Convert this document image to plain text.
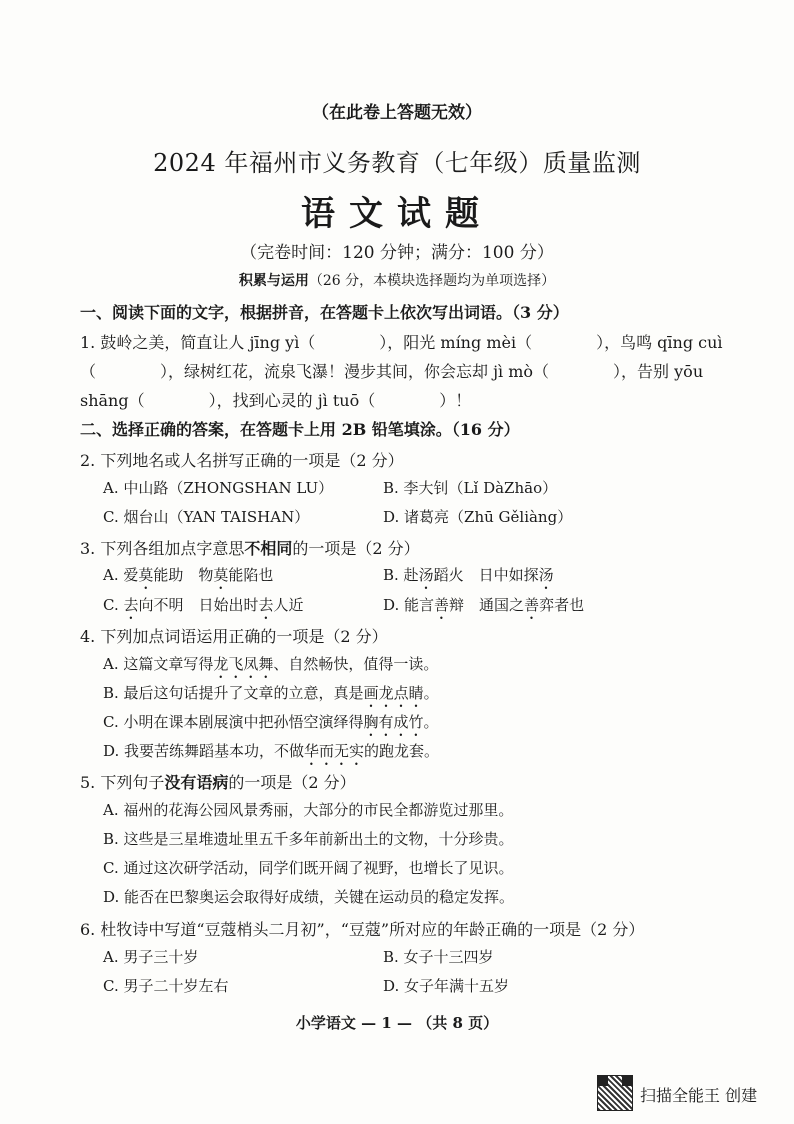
（在此卷上答题无效）
2024 年福州市义务教育（七年级）质量监测
语文试题
（完卷时间：120 分钟；满分：100 分）
积累与运用（26 分，本模块选择题均为单项选择）
一、阅读下面的文字，根据拼音，在答题卡上依次写出词语。（3 分）
1. 鼓岭之美，简直让人 jīng yì（　　　　），阳光 míng mèi（　　　　），鸟鸣 qīng cuì
（　　　　），绿树红花，流泉飞瀑！漫步其间，你会忘却 jì mò（　　　　），告别 yōu
shāng（　　　　），找到心灵的 jì tuō（　　　　）！
二、选择正确的答案，在答题卡上用 2B 铅笔填涂。（16 分）
2. 下列地名或人名拼写正确的一项是（2 分）
A. 中山路（ZHONGSHAN LU）	B. 李大钊（Lǐ DàZhāo）
C. 烟台山（YAN TAISHAN）	D. 诸葛亮（Zhū Gěliàng）
3. 下列各组加点字意思不相同的一项是（2 分）
A. 爱莫能助　物莫能陷也	B. 赴汤蹈火　日中如探汤
C. 去向不明　日始出时去人近	D. 能言善辩　通国之善弈者也
4. 下列加点词语运用正确的一项是（2 分）
A. 这篇文章写得龙飞凤舞、自然畅快，值得一读。
B. 最后这句话提升了文章的立意，真是画龙点睛。
C. 小明在课本剧展演中把孙悟空演绎得胸有成竹。
D. 我要苦练舞蹈基本功，不做华而无实的跑龙套。
5. 下列句子没有语病的一项是（2 分）
A. 福州的花海公园风景秀丽，大部分的市民全都游览过那里。
B. 这些是三星堆遗址里五千多年前新出土的文物，十分珍贵。
C. 通过这次研学活动，同学们既开阔了视野，也增长了见识。
D. 能否在巴黎奥运会取得好成绩，关键在运动员的稳定发挥。
6. 杜牧诗中写道“豆蔻梢头二月初”，“豆蔻”所对应的年龄正确的一项是（2 分）
A. 男子三十岁	B. 女子十三四岁
C. 男子二十岁左右	D. 女子年满十五岁
小学语文 — 1 — （共 8 页）
扫描全能王 创建
